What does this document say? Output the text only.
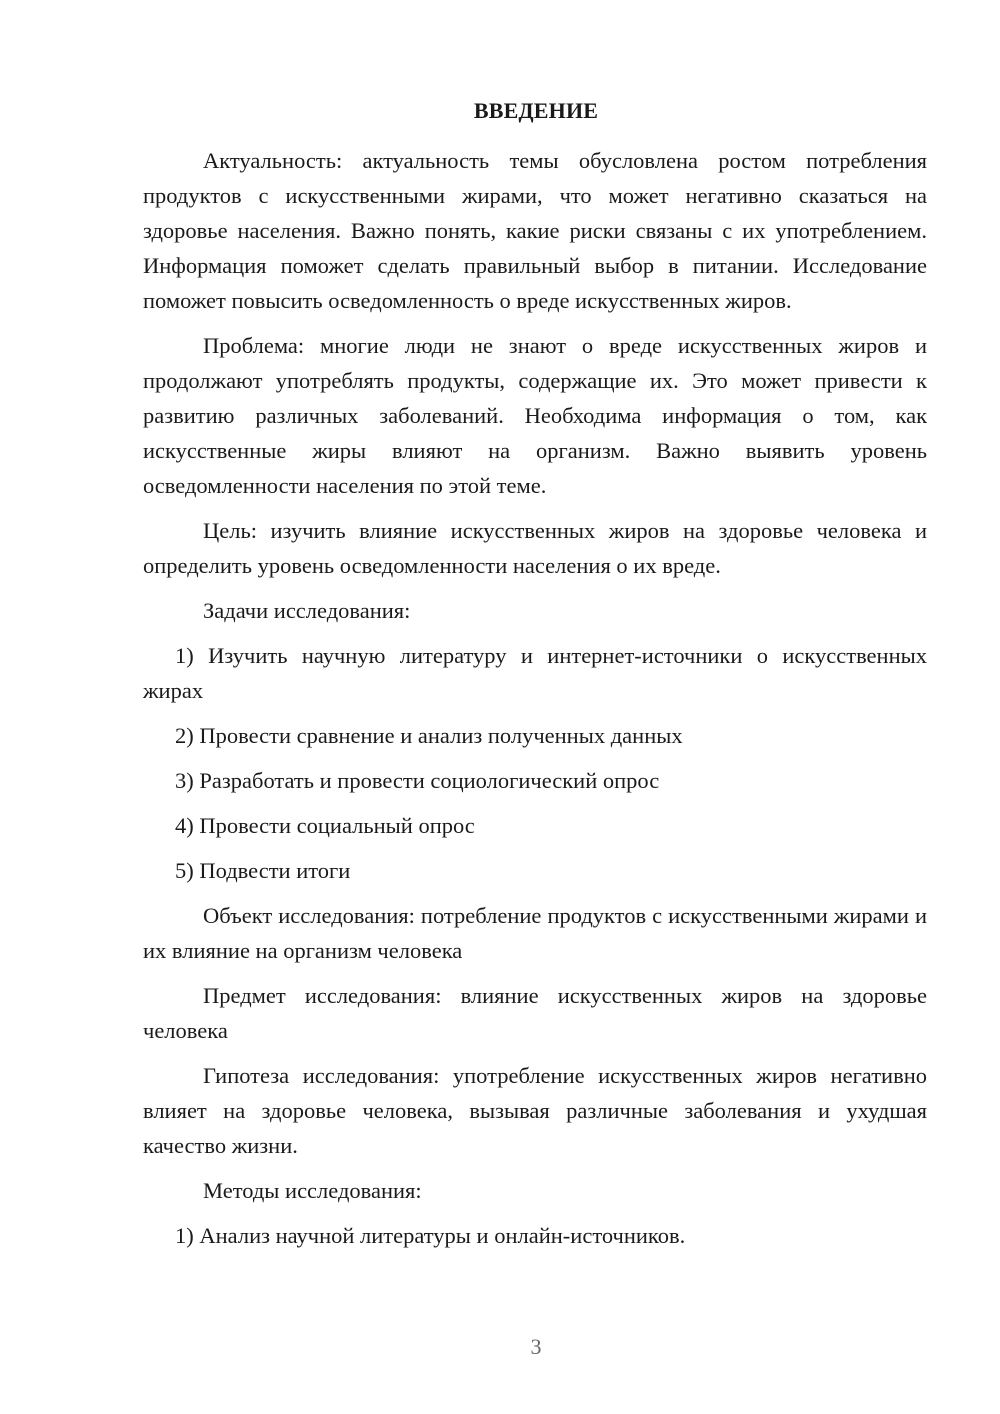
ВВЕДЕНИЕ

Актуальность: актуальность темы обусловлена ростом потребления продуктов с искусственными жирами, что может негативно сказаться на здоровье населения. Важно понять, какие риски связаны с их употреблением. Информация поможет сделать правильный выбор в питании. Исследование поможет повысить осведомленность о вреде искусственных жиров.

Проблема: многие люди не знают о вреде искусственных жиров и продолжают употреблять продукты, содержащие их. Это может привести к развитию различных заболеваний. Необходима информация о том, как искусственные жиры влияют на организм. Важно выявить уровень осведомленности населения по этой теме.

Цель: изучить влияние искусственных жиров на здоровье человека и определить уровень осведомленности населения о их вреде.

Задачи исследования:

1) Изучить научную литературу и интернет-источники о искусственных жирах

2) Провести сравнение и анализ полученных данных

3) Разработать и провести социологический опрос

4) Провести социальный опрос

5) Подвести итоги

Объект исследования: потребление продуктов с искусственными жирами и их влияние на организм человека

Предмет исследования: влияние искусственных жиров на здоровье человека

Гипотеза исследования: употребление искусственных жиров негативно влияет на здоровье человека, вызывая различные заболевания и ухудшая качество жизни.

Методы исследования:

1) Анализ научной литературы и онлайн-источников.

3
